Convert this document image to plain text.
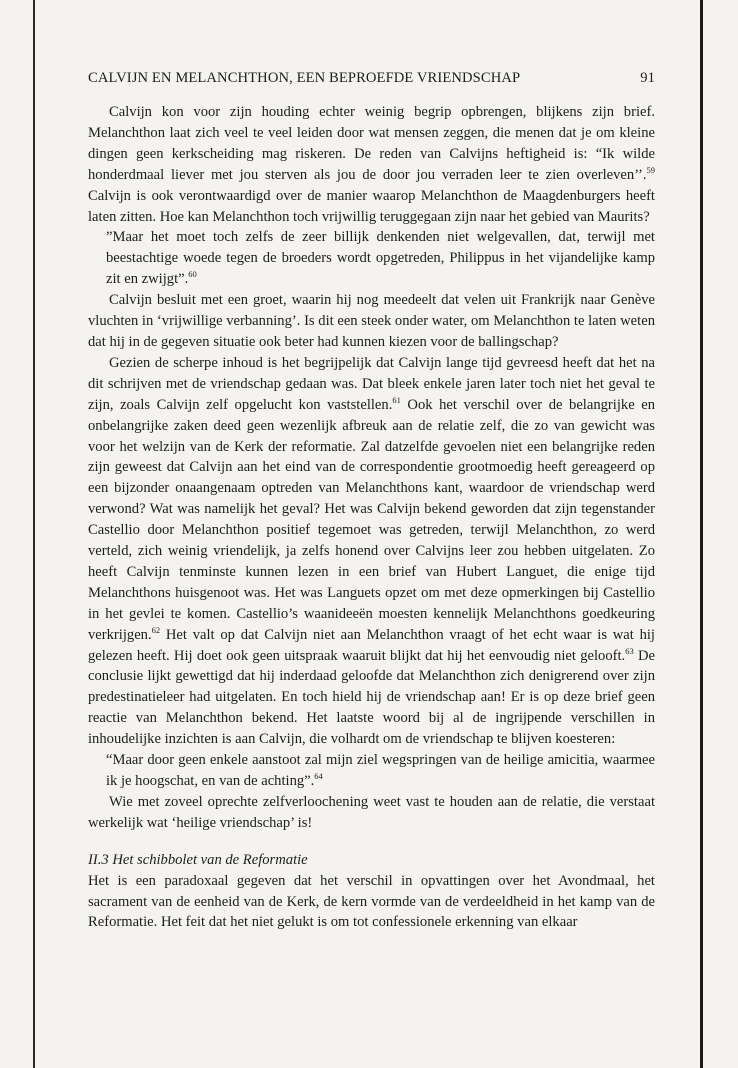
CALVIJN EN MELANCHTHON, EEN BEPROEFDE VRIENDSCHAP	91

Calvijn kon voor zijn houding echter weinig begrip opbrengen, blijkens zijn brief. Melanchthon laat zich veel te veel leiden door wat mensen zeggen, die menen dat je om kleine dingen geen kerkscheiding mag riskeren. De reden van Calvijns heftigheid is: “Ik wilde honderdmaal liever met jou sterven als jou de door jou verraden leer te zien overleven’’.$^{59}$ Calvijn is ook verontwaardigd over de manier waarop Melanchthon de Maagdenburgers heeft laten zitten. Hoe kan Melanchthon toch vrijwillig teruggegaan zijn naar het gebied van Maurits?

”Maar het moet toch zelfs de zeer billijk denkenden niet welgevallen, dat, terwijl met beestachtige woede tegen de broeders wordt opgetreden, Philippus in het vijandelijke kamp zit en zwijgt”.$^{60}$

Calvijn besluit met een groet, waarin hij nog meedeelt dat velen uit Frankrijk naar Genève vluchten in ‘vrijwillige verbanning’. Is dit een steek onder water, om Melanchthon te laten weten dat hij in de gegeven situatie ook beter had kunnen kiezen voor de ballingschap?

Gezien de scherpe inhoud is het begrijpelijk dat Calvijn lange tijd gevreesd heeft dat het na dit schrijven met de vriendschap gedaan was. Dat bleek enkele jaren later toch niet het geval te zijn, zoals Calvijn zelf opgelucht kon vaststellen.$^{61}$ Ook het verschil over de belangrijke en onbelangrijke zaken deed geen wezenlijk afbreuk aan de relatie zelf, die zo van gewicht was voor het welzijn van de Kerk der reformatie. Zal datzelfde gevoelen niet een belangrijke reden zijn geweest dat Calvijn aan het eind van de correspondentie grootmoedig heeft gereageerd op een bijzonder onaangenaam optreden van Melanchthons kant, waardoor de vriendschap werd verwond? Wat was namelijk het geval? Het was Calvijn bekend geworden dat zijn tegenstander Castellio door Melanchthon positief tegemoet was getreden, terwijl Melanchthon, zo werd verteld, zich weinig vriendelijk, ja zelfs honend over Calvijns leer zou hebben uitgelaten. Zo heeft Calvijn tenminste kunnen lezen in een brief van Hubert Languet, die enige tijd Melanchthons huisgenoot was. Het was Languets opzet om met deze opmerkingen bij Castellio in het gevlei te komen. Castellio’s waanideeën moesten kennelijk Melanchthons goedkeuring verkrijgen.$^{62}$ Het valt op dat Calvijn niet aan Melanchthon vraagt of het echt waar is wat hij gelezen heeft. Hij doet ook geen uitspraak waaruit blijkt dat hij het eenvoudig niet gelooft.$^{63}$ De conclusie lijkt gewettigd dat hij inderdaad geloofde dat Melanchthon zich denigrerend over zijn predestinatieleer had uitgelaten. En toch hield hij de vriendschap aan! Er is op deze brief geen reactie van Melanchthon bekend. Het laatste woord bij al de ingrijpende verschillen in inhoudelijke inzichten is aan Calvijn, die volhardt om de vriendschap te blijven koesteren:

“Maar door geen enkele aanstoot zal mijn ziel wegspringen van de heilige amicitia, waarmee ik je hoogschat, en van de achting”.$^{64}$

Wie met zoveel oprechte zelfverloochening weet vast te houden aan de relatie, die verstaat werkelijk wat ‘heilige vriendschap’ is!

II.3 Het schibbolet van de Reformatie

Het is een paradoxaal gegeven dat het verschil in opvattingen over het Avondmaal, het sacrament van de eenheid van de Kerk, de kern vormde van de verdeeldheid in het kamp van de Reformatie. Het feit dat het niet gelukt is om tot confessionele erkenning van elkaar
